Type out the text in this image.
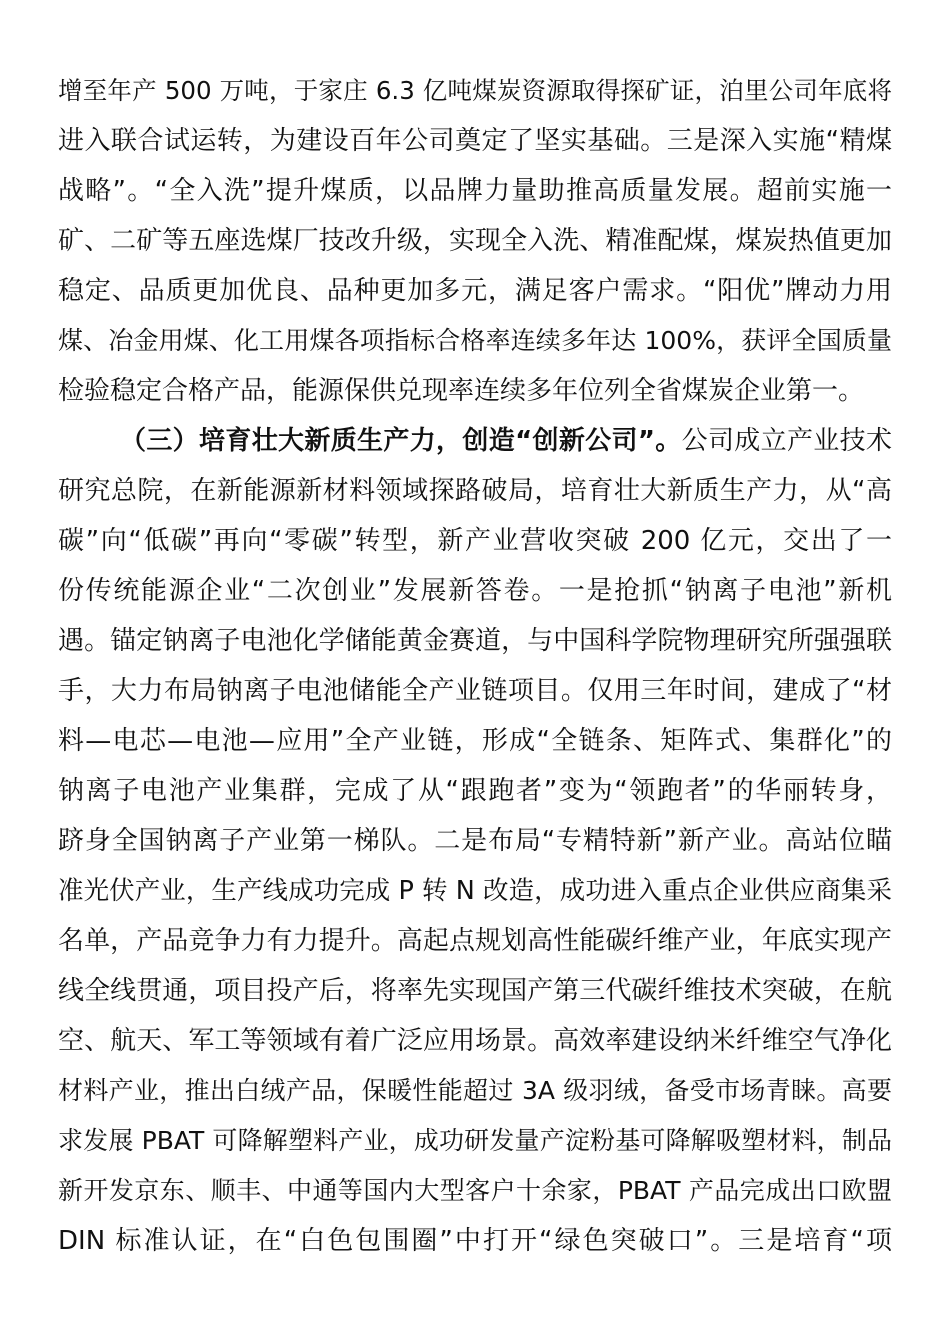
增至年产 500 万吨，于家庄 6.3 亿吨煤炭资源取得探矿证，泊里公司年底将
进入联合试运转，为建设百年公司奠定了坚实基础。三是深入实施“精煤
战略”。“全入洗”提升煤质，以品牌力量助推高质量发展。超前实施一
矿、二矿等五座选煤厂技改升级，实现全入洗、精准配煤，煤炭热值更加
稳定、品质更加优良、品种更加多元，满足客户需求。“阳优”牌动力用
煤、冶金用煤、化工用煤各项指标合格率连续多年达 100%，获评全国质量
检验稳定合格产品，能源保供兑现率连续多年位列全省煤炭企业第一。
（三）培育壮大新质生产力，创造“创新公司”。公司成立产业技术
研究总院，在新能源新材料领域探路破局，培育壮大新质生产力，从“高
碳”向“低碳”再向“零碳”转型，新产业营收突破 200 亿元，交出了一
份传统能源企业“二次创业”发展新答卷。一是抢抓“钠离子电池”新机
遇。锚定钠离子电池化学储能黄金赛道，与中国科学院物理研究所强强联
手，大力布局钠离子电池储能全产业链项目。仅用三年时间，建成了“材
料—电芯—电池—应用”全产业链，形成“全链条、矩阵式、集群化”的
钠离子电池产业集群，完成了从“跟跑者”变为“领跑者”的华丽转身，
跻身全国钠离子产业第一梯队。二是布局“专精特新”新产业。高站位瞄
准光伏产业，生产线成功完成 P 转 N 改造，成功进入重点企业供应商集采
名单，产品竞争力有力提升。高起点规划高性能碳纤维产业，年底实现产
线全线贯通，项目投产后，将率先实现国产第三代碳纤维技术突破，在航
空、航天、军工等领域有着广泛应用场景。高效率建设纳米纤维空气净化
材料产业，推出白绒产品，保暖性能超过 3A 级羽绒，备受市场青睐。高要
求发展 PBAT 可降解塑料产业，成功研发量产淀粉基可降解吸塑材料，制品
新开发京东、顺丰、中通等国内大型客户十余家，PBAT 产品完成出口欧盟
DIN 标准认证，在“白色包围圈”中打开“绿色突破口”。三是培育“项
